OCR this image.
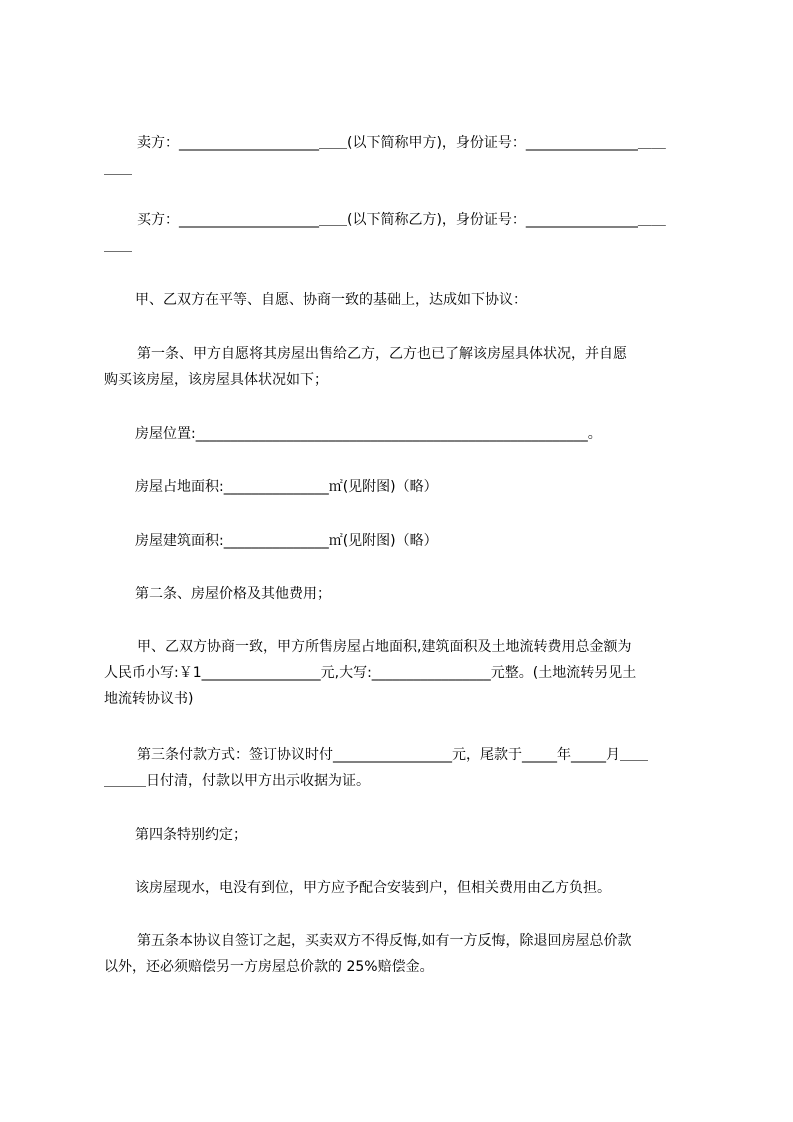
卖方：____________________＿＿(以下简称甲方)，身份证号：________________＿＿
＿＿
买方：____________________＿＿(以下简称乙方)，身份证号：________________＿＿
＿＿
甲、乙双方在平等、自愿、协商一致的基础上，达成如下协议：
第一条、甲方自愿将其房屋出售给乙方，乙方也已了解该房屋具体状况，并自愿
购买该房屋，该房屋具体状况如下；
房屋位置:________________________________________________________。
房屋占地面积:_______________㎡(见附图)（略）
房屋建筑面积:_______________㎡(见附图)（略）
第二条、房屋价格及其他费用；
甲、乙双方协商一致，甲方所售房屋占地面积,建筑面积及土地流转费用总金额为
人民币小写:￥1_________________元,大写:_________________元整。(土地流转另见土
地流转协议书)
第三条付款方式：签订协议时付_________________元，尾款于_____年_____月＿＿
＿＿＿日付清，付款以甲方出示收据为证。
第四条特别约定；
该房屋现水，电没有到位，甲方应予配合安装到户，但相关费用由乙方负担。
第五条本协议自签订之起，买卖双方不得反悔,如有一方反悔，除退回房屋总价款
以外，还必须赔偿另一方房屋总价款的 25%赔偿金。
